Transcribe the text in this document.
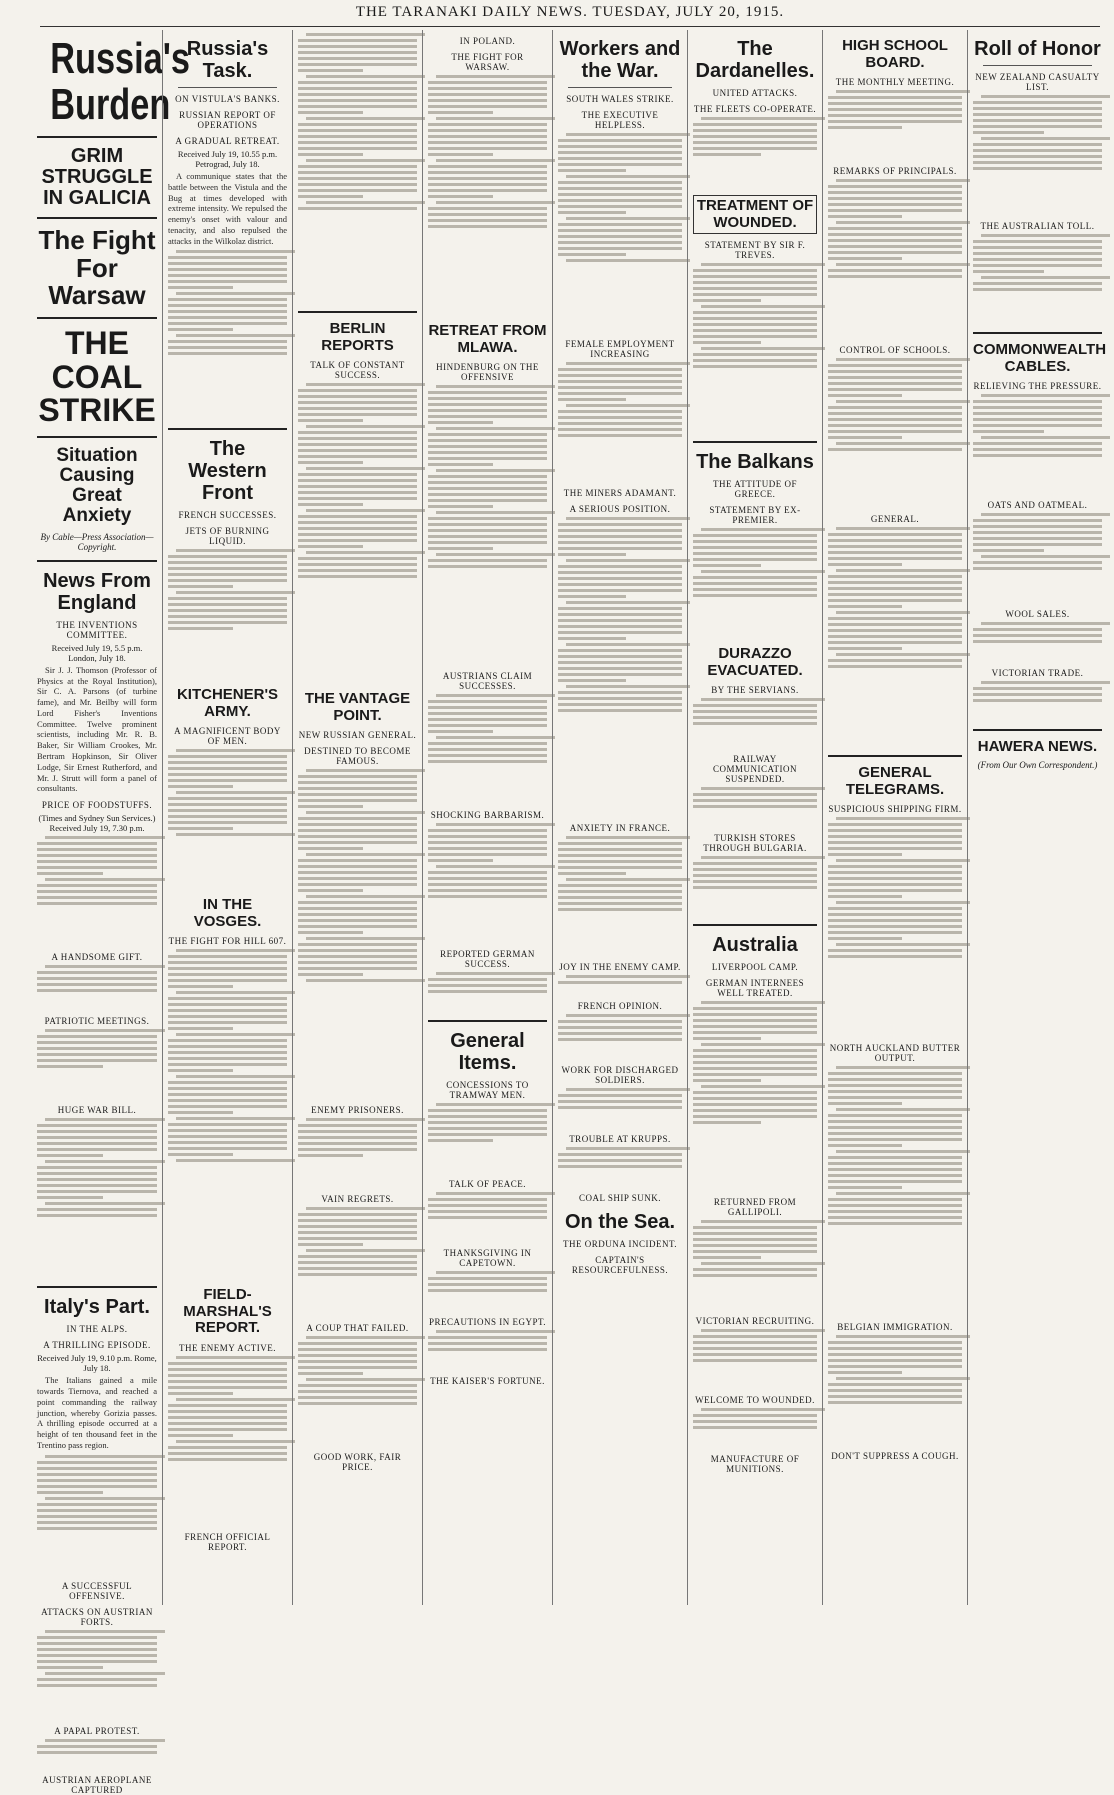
THE TARANAKI DAILY NEWS. TUESDAY, JULY 20, 1915.
Russia's Burden
GRIM STRUGGLE IN GALICIA
The Fight For Warsaw
THE COAL STRIKE
Situation Causing Great Anxiety
By Cable—Press Association—Copyright.
News From England
THE INVENTIONS COMMITTEE.
Received July 19, 5.5 p.m. London, July 18.

Sir J. J. Thomson (Professor of Physics at the Royal Institution), Sir C. A. Parsons (of turbine fame), and Mr. Beilby will form Lord Fisher's Inventions Committee. Twelve prominent scientists, including Mr. R. B. Baker, Sir William Crookes, Mr. Bertram Hopkinson, Sir Oliver Lodge, Sir Ernest Rutherford, and Mr. J. Strutt will form a panel of consultants.

PRICE OF FOODSTUFFS.
(Times and Sydney Sun Services.) Received July 19, 7.30 p.m.
A HANDSOME GIFT.
PATRIOTIC MEETINGS.
HUGE WAR BILL.
Italy's Part.
IN THE ALPS.
A THRILLING EPISODE.
Received July 19, 9.10 p.m. Rome, July 18.

The Italians gained a mile towards Tiernova, and reached a point commanding the railway junction, whereby Gorizia passes. A thrilling episode occurred at a height of ten thousand feet in the Trentino pass region.

A SUCCESSFUL OFFENSIVE.
ATTACKS ON AUSTRIAN FORTS.
A PAPAL PROTEST.
AUSTRIAN AEROPLANE CAPTURED
Russia's Task.
ON VISTULA'S BANKS.
RUSSIAN REPORT OF OPERATIONS
A GRADUAL RETREAT.
Received July 19, 10.55 p.m. Petrograd, July 18.

A communique states that the battle between the Vistula and the Bug at times developed with extreme intensity. We repulsed the enemy's onset with valour and tenacity, and also repulsed the attacks in the Wilkolaz district.

The Western Front
FRENCH SUCCESSES.
JETS OF BURNING LIQUID.
KITCHENER'S ARMY.
A MAGNIFICENT BODY OF MEN.
IN THE VOSGES.
THE FIGHT FOR HILL 607.
FIELD-MARSHAL'S REPORT.
THE ENEMY ACTIVE.
FRENCH OFFICIAL REPORT.
BERLIN REPORTS
TALK OF CONSTANT SUCCESS.
THE VANTAGE POINT.
NEW RUSSIAN GENERAL.
DESTINED TO BECOME FAMOUS.
ENEMY PRISONERS.
VAIN REGRETS.
A COUP THAT FAILED.
GOOD WORK, FAIR PRICE.
IN POLAND.
THE FIGHT FOR WARSAW.
RETREAT FROM MLAWA.
HINDENBURG ON THE OFFENSIVE
AUSTRIANS CLAIM SUCCESSES.
SHOCKING BARBARISM.
REPORTED GERMAN SUCCESS.
General Items.
CONCESSIONS TO TRAMWAY MEN.
TALK OF PEACE.
THANKSGIVING IN CAPETOWN.
PRECAUTIONS IN EGYPT.
THE KAISER'S FORTUNE.
Workers and the War.
SOUTH WALES STRIKE.
THE EXECUTIVE HELPLESS.
FEMALE EMPLOYMENT INCREASING
THE MINERS ADAMANT.
A SERIOUS POSITION.
ANXIETY IN FRANCE.
JOY IN THE ENEMY CAMP.
FRENCH OPINION.
WORK FOR DISCHARGED SOLDIERS.
TROUBLE AT KRUPPS.
COAL SHIP SUNK.
On the Sea.
THE ORDUNA INCIDENT.
CAPTAIN'S RESOURCEFULNESS.
The Dardanelles.
UNITED ATTACKS.
THE FLEETS CO-OPERATE.
TREATMENT OF WOUNDED.
STATEMENT BY SIR F. TREVES.
The Balkans
THE ATTITUDE OF GREECE.
STATEMENT BY EX-PREMIER.
DURAZZO EVACUATED.
BY THE SERVIANS.
RAILWAY COMMUNICATION SUSPENDED.
TURKISH STORES THROUGH BULGARIA.
Australia
LIVERPOOL CAMP.
GERMAN INTERNEES WELL TREATED.
RETURNED FROM GALLIPOLI.
VICTORIAN RECRUITING.
WELCOME TO WOUNDED.
MANUFACTURE OF MUNITIONS.
HIGH SCHOOL BOARD.
THE MONTHLY MEETING.
REMARKS OF PRINCIPALS.
CONTROL OF SCHOOLS.
GENERAL.
GENERAL TELEGRAMS.
SUSPICIOUS SHIPPING FIRM.
NORTH AUCKLAND BUTTER OUTPUT.
BELGIAN IMMIGRATION.
DON'T SUPPRESS A COUGH.
Roll of Honor
NEW ZEALAND CASUALTY LIST.
THE AUSTRALIAN TOLL.
COMMONWEALTH CABLES.
RELIEVING THE PRESSURE.
OATS AND OATMEAL.
WOOL SALES.
VICTORIAN TRADE.
HAWERA NEWS.
(From Our Own Correspondent.)
